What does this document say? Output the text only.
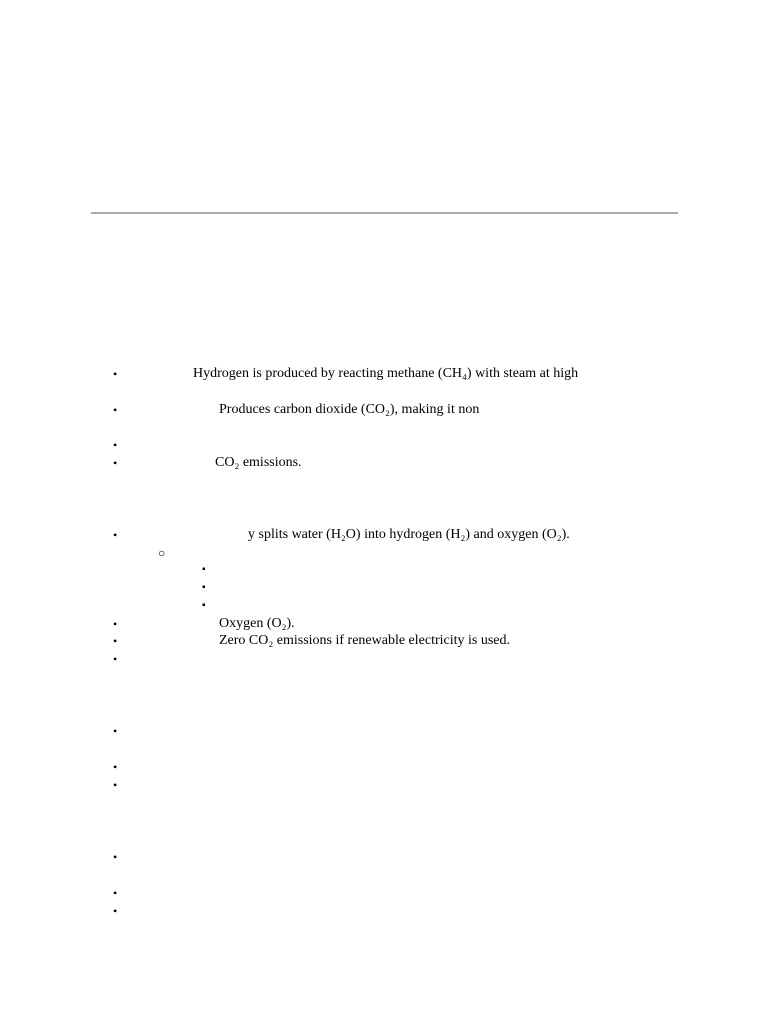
•	Hydrogen is produced by reacting methane (CH₄) with steam at high
•	Produces carbon dioxide (CO₂), making it non
•
•	CO₂ emissions.
•	y splits water (H₂O) into hydrogen (H₂) and oxygen (O₂).
○
▪
▪
▪
•	Oxygen (O₂).
•	Zero CO₂ emissions if renewable electricity is used.
•
•
•
•
•
•
•
